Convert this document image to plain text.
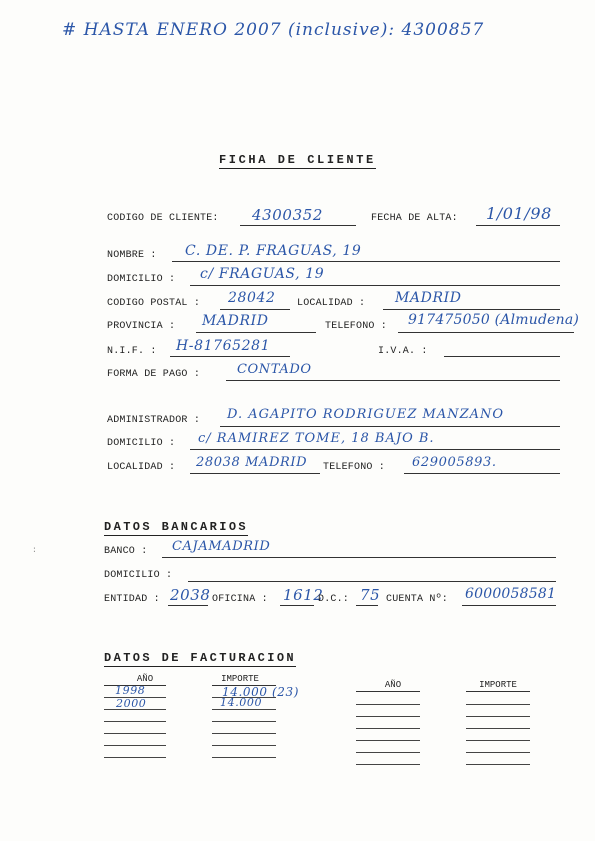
# HASTA ENERO 2007 (inclusive): 4300857
FICHA DE CLIENTE
CODIGO DE CLIENTE: 4300352	FECHA DE ALTA: 1/01/98
NOMBRE : C. DE. P. FRAGUAS, 19
DOMICILIO : c/ FRAGUAS, 19
CODIGO POSTAL : 28042 LOCALIDAD : MADRID
PROVINCIA : MADRID	TELEFONO : 917475050 (Almudena)
N.I.F. : H-81765281	I.V.A. :
FORMA DE PAGO :	CONTADO
ADMINISTRADOR : D. AGAPITO RODRIGUEZ MANZANO
DOMICILIO : c/ RAMIREZ TOME, 18 BAJO B.
LOCALIDAD : 28038 MADRID TELEFONO : 629005893.
DATOS BANCARIOS
BANCO : CAJAMADRID
DOMICILIO :
ENTIDAD : 2038 OFICINA : 1612
D.C.: 75 CUENTA Nº: 6000058581
DATOS DE FACTURACION
AÑO	IMPORTE
AÑO	IMPORTE
1998	14.000 (23)
2000	14.000
:
